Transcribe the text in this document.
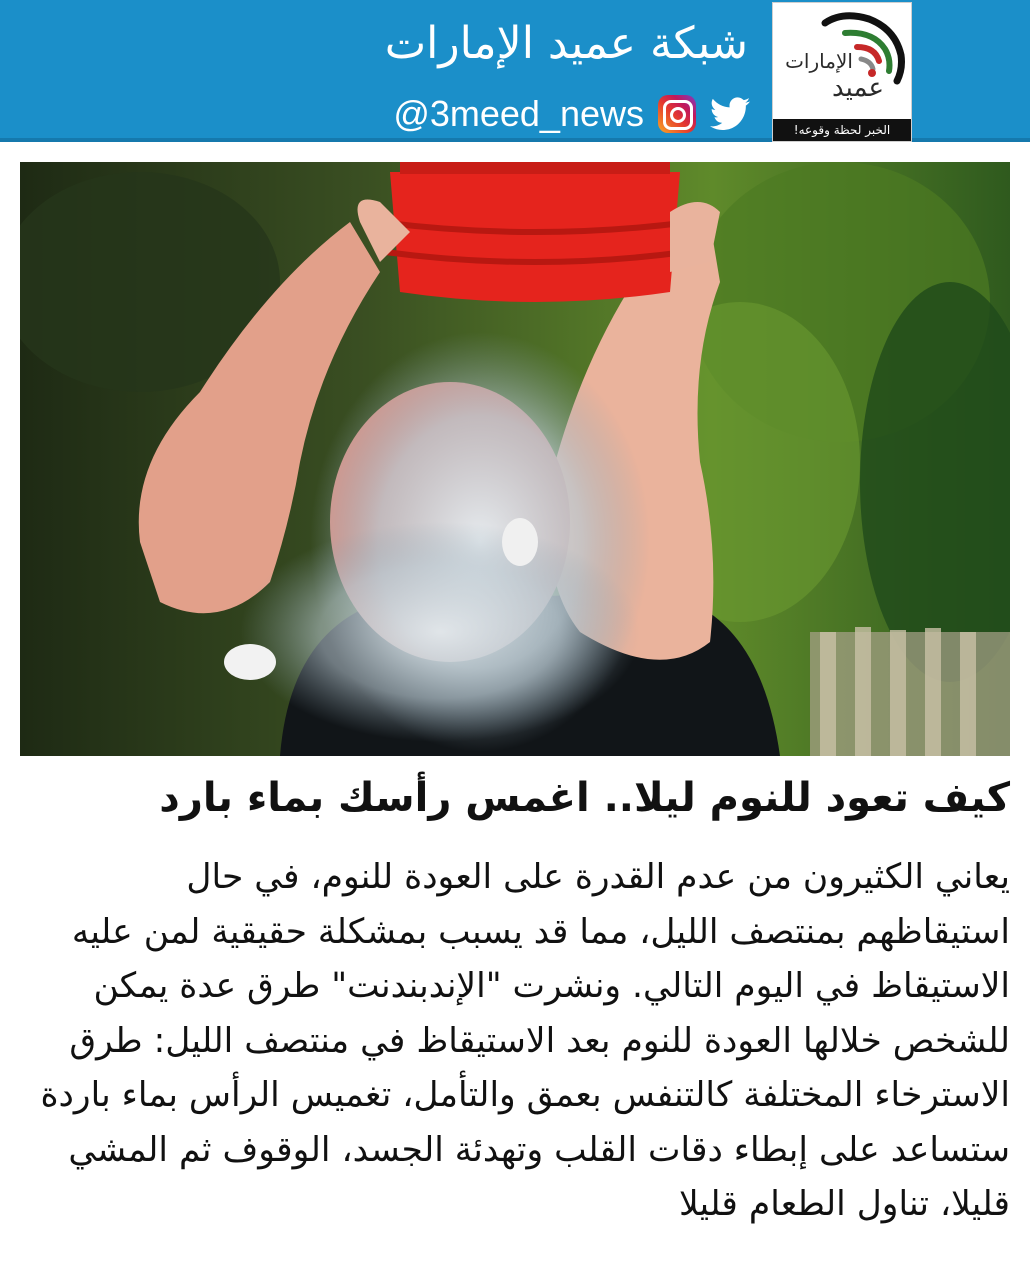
شبكة عميد الإمارات
@3meed_news
الإمارات
عميد
الخبر لحظة وقوعه!
كيف تعود للنوم ليلا.. اغمس رأسك بماء بارد
يعاني الكثيرون من عدم القدرة على العودة للنوم، في حال استيقاظهم بمنتصف الليل، مما قد يسبب بمشكلة حقيقية لمن عليه الاستيقاظ في اليوم التالي. ونشرت "الإندبندنت" طرق عدة يمكن للشخص خلالها العودة للنوم بعد الاستيقاظ في منتصف الليل: طرق الاسترخاء المختلفة كالتنفس بعمق والتأمل، تغميس الرأس بماء باردة ستساعد على إبطاء دقات القلب وتهدئة الجسد، الوقوف ثم المشي قليلا، تناول الطعام قليلا
